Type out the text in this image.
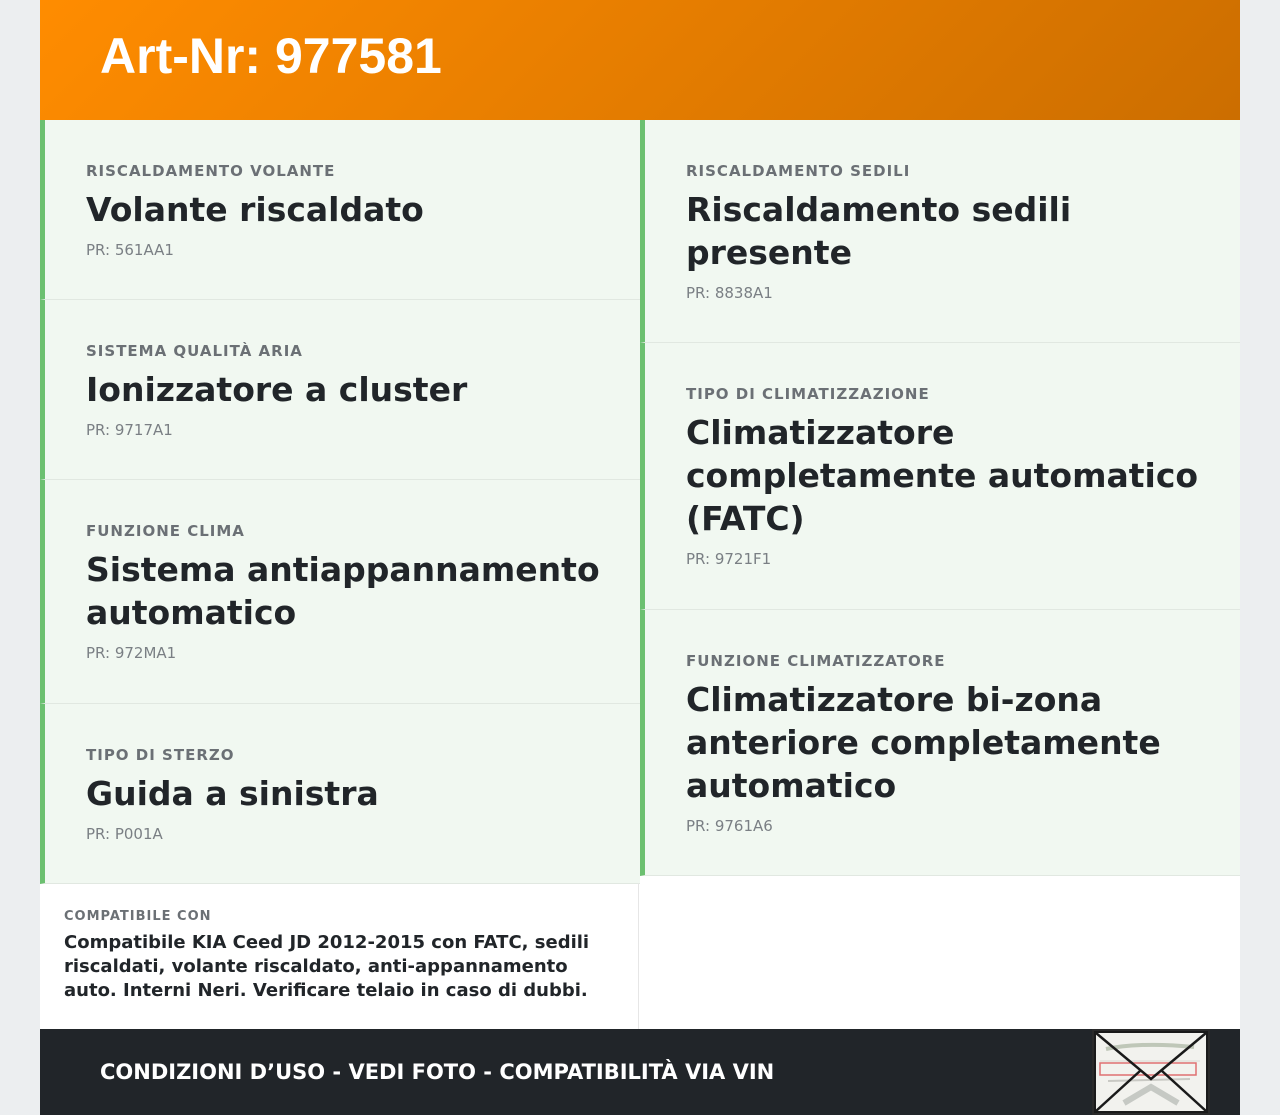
Art-Nr: 977581
RISCALDAMENTO VOLANTE
Volante riscaldato
PR: 561AA1
SISTEMA QUALITÀ ARIA
Ionizzatore a cluster
PR: 9717A1
FUNZIONE CLIMA
Sistema antiappannamento automatico
PR: 972MA1
TIPO DI STERZO
Guida a sinistra
PR: P001A
RISCALDAMENTO SEDILI
Riscaldamento sedili presente
PR: 8838A1
TIPO DI CLIMATIZZAZIONE
Climatizzatore completamente automatico (FATC)
PR: 9721F1
FUNZIONE CLIMATIZZATORE
Climatizzatore bi-zona anteriore completamente automatico
PR: 9761A6
COMPATIBILE CON
Compatibile KIA Ceed JD 2012-2015 con FATC, sedili riscaldati, volante riscaldato, anti-appannamento auto. Interni Neri. Verificare telaio in caso di dubbi.
CONDIZIONI D’USO - VEDI FOTO - COMPATIBILITÀ VIA VIN
